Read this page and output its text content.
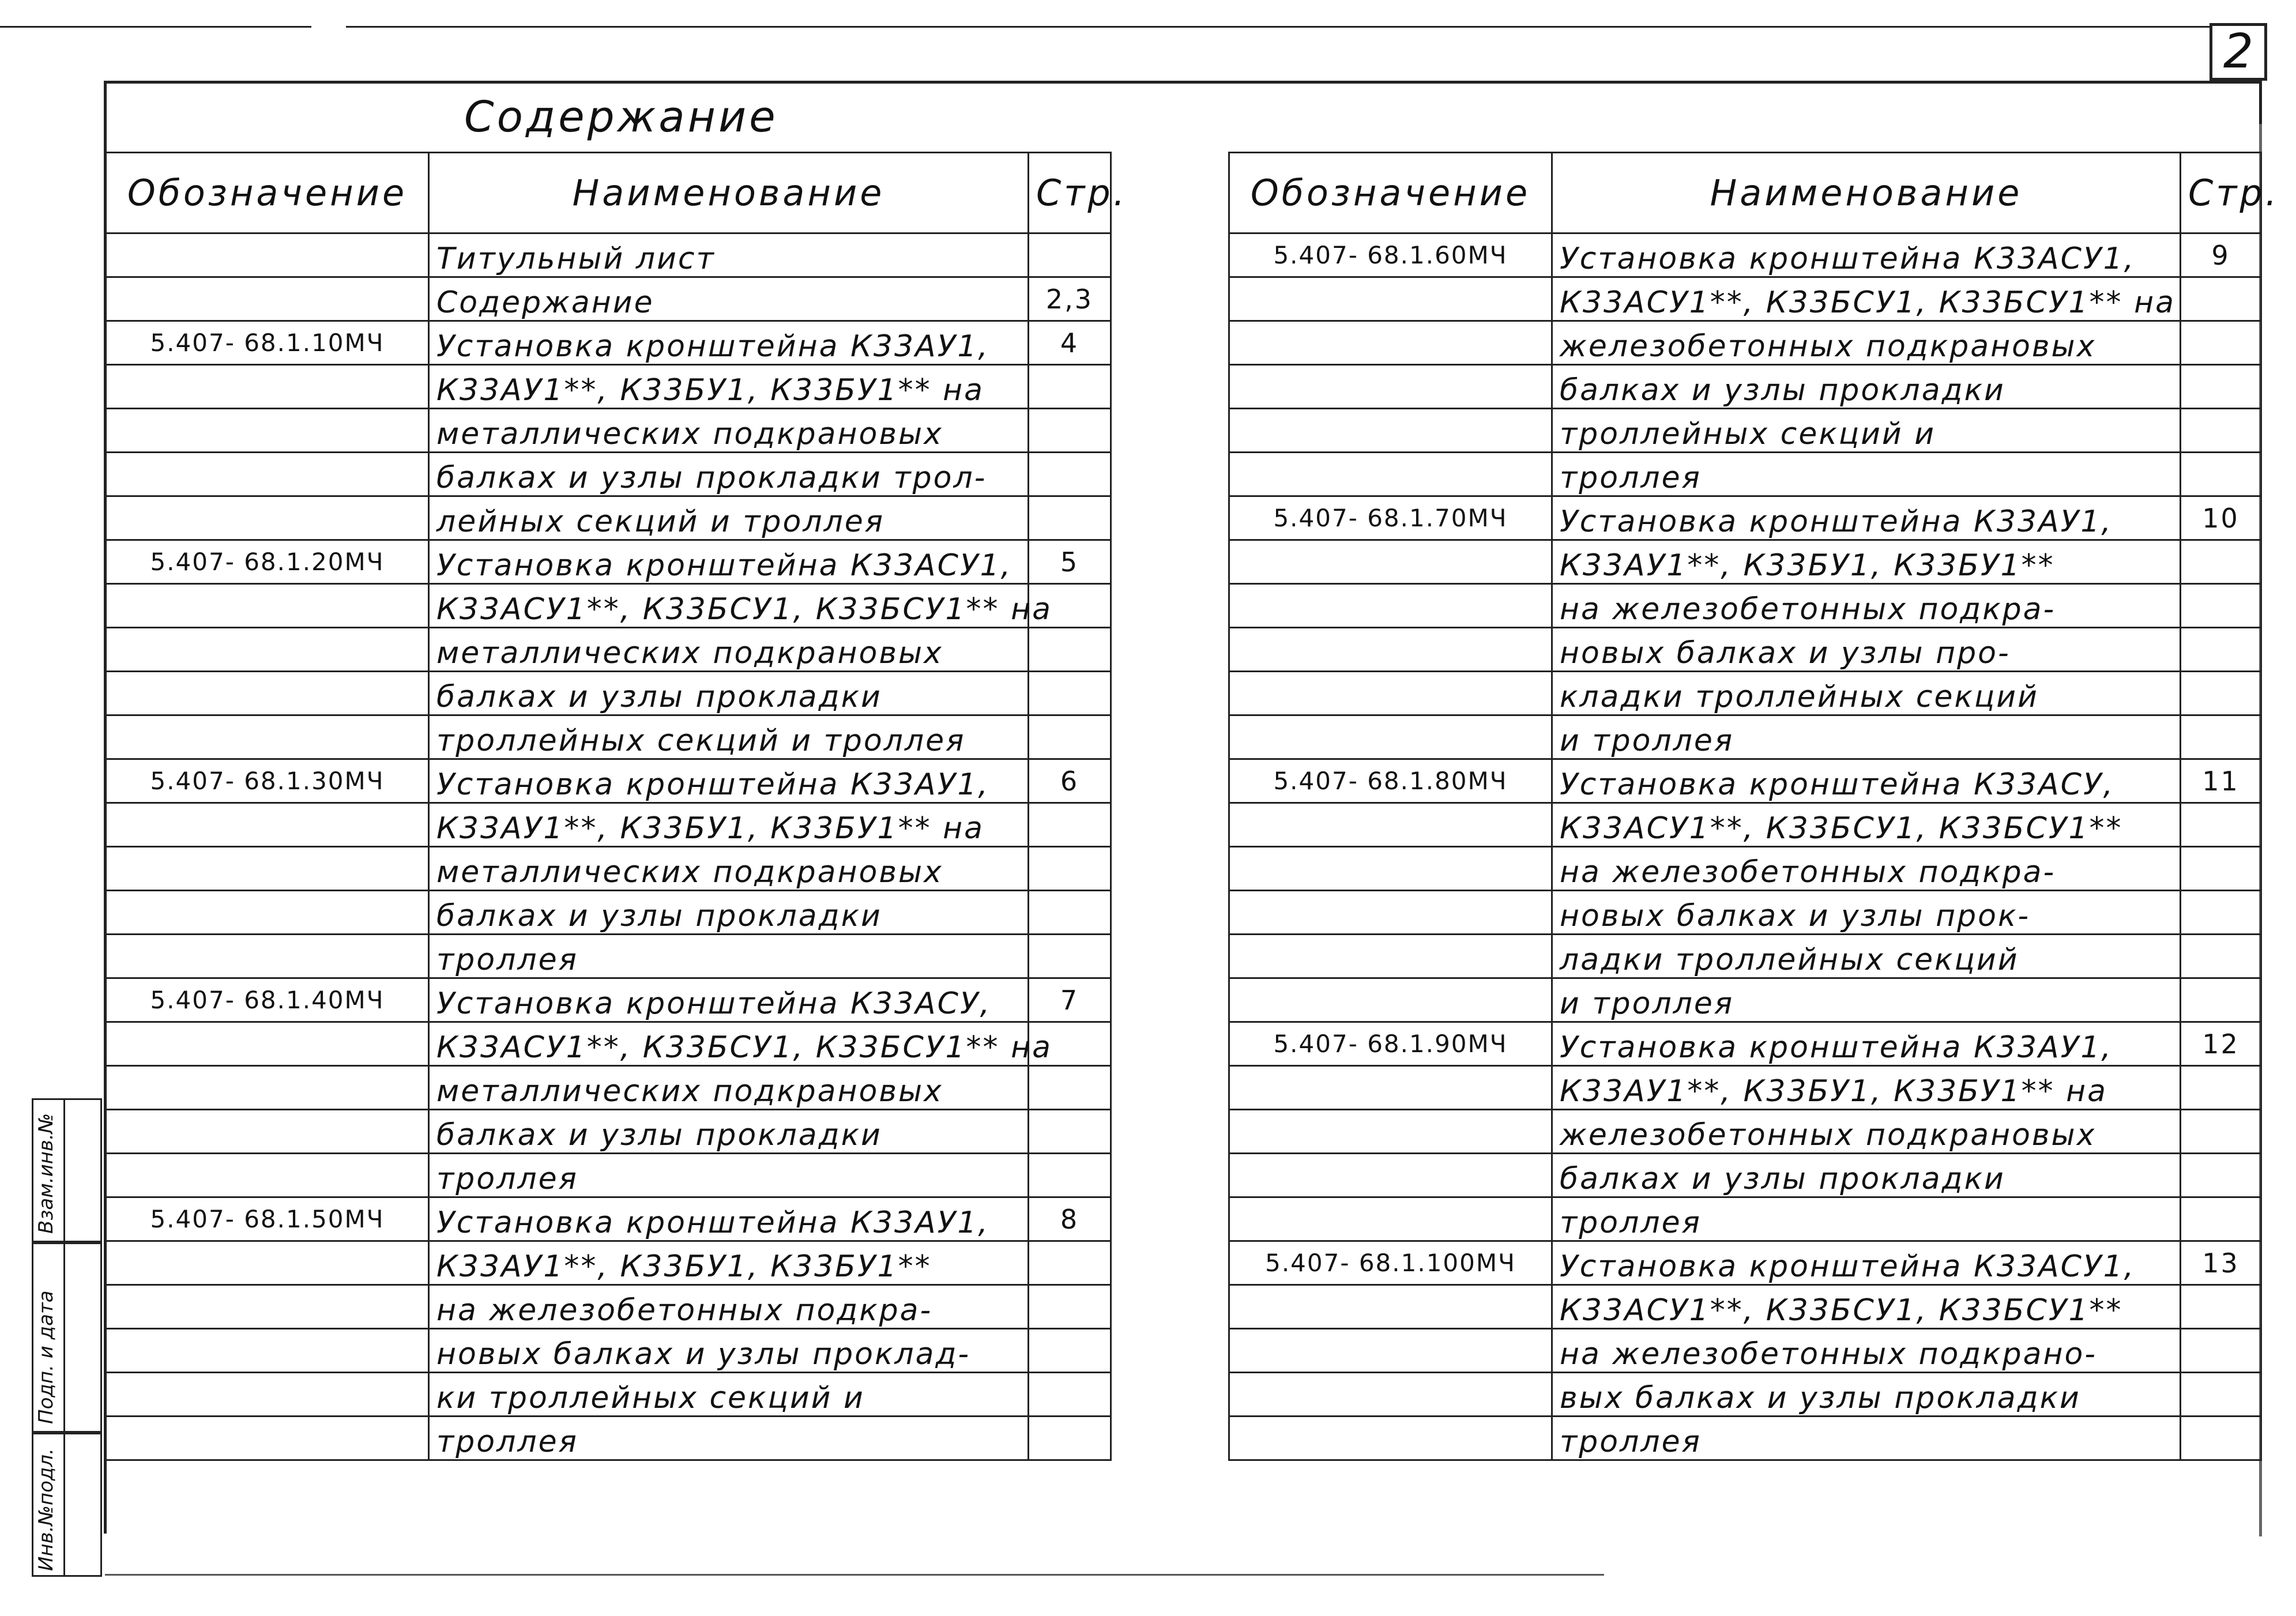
2
Содержание
Обозначение	Наименование	Стр.
	Титульный лист	
	Содержание	2,3
5.407- 68.1.10МЧ	Установка кронштейна К33АУ1,	4
	К33АУ1**, К33БУ1, К33БУ1** на	
	металлических подкрановых	
	балках и узлы прокладки трол-	
	лейных секций и троллея	
5.407- 68.1.20МЧ	Установка кронштейна К33АСУ1,	5
	К33АСУ1**, К33БСУ1, К33БСУ1** на	
	металлических подкрановых	
	балках и узлы прокладки	
	троллейных секций и троллея	
5.407- 68.1.30МЧ	Установка кронштейна К33АУ1,	6
	К33АУ1**, К33БУ1, К33БУ1** на	
	металлических подкрановых	
	балках и узлы прокладки	
	троллея	
5.407- 68.1.40МЧ	Установка кронштейна К33АСУ,	7
	К33АСУ1**, К33БСУ1, К33БСУ1** на	
	металлических подкрановых	
	балках и узлы прокладки	
	троллея	
5.407- 68.1.50МЧ	Установка кронштейна К33АУ1,	8
	К33АУ1**, К33БУ1, К33БУ1**	
	на железобетонных подкра-	
	новых балках и узлы проклад-	
	ки троллейных секций и	
	троллея	
Обозначение	Наименование	Стр.
5.407- 68.1.60МЧ	Установка кронштейна К33АСУ1,	9
	К33АСУ1**, К33БСУ1, К33БСУ1** на	
	железобетонных подкрановых	
	балках и узлы прокладки	
	троллейных секций и	
	троллея	
5.407- 68.1.70МЧ	Установка кронштейна К33АУ1,	10
	К33АУ1**, К33БУ1, К33БУ1**	
	на железобетонных подкра-	
	новых балках и узлы про-	
	кладки троллейных секций	
	и троллея	
5.407- 68.1.80МЧ	Установка кронштейна К33АСУ,	11
	К33АСУ1**, К33БСУ1, К33БСУ1**	
	на железобетонных подкра-	
	новых балках и узлы прок-	
	ладки троллейных секций	
	и троллея	
5.407- 68.1.90МЧ	Установка кронштейна К33АУ1,	12
	К33АУ1**, К33БУ1, К33БУ1** на	
	железобетонных подкрановых	
	балках и узлы прокладки	
	троллея	
5.407- 68.1.100МЧ	Установка кронштейна К33АСУ1,	13
	К33АСУ1**, К33БСУ1, К33БСУ1**	
	на железобетонных подкрано-	
	вых балках и узлы прокладки	
	троллея	
Взам.инв.№
Подп. и дата
Инв.№подл.
